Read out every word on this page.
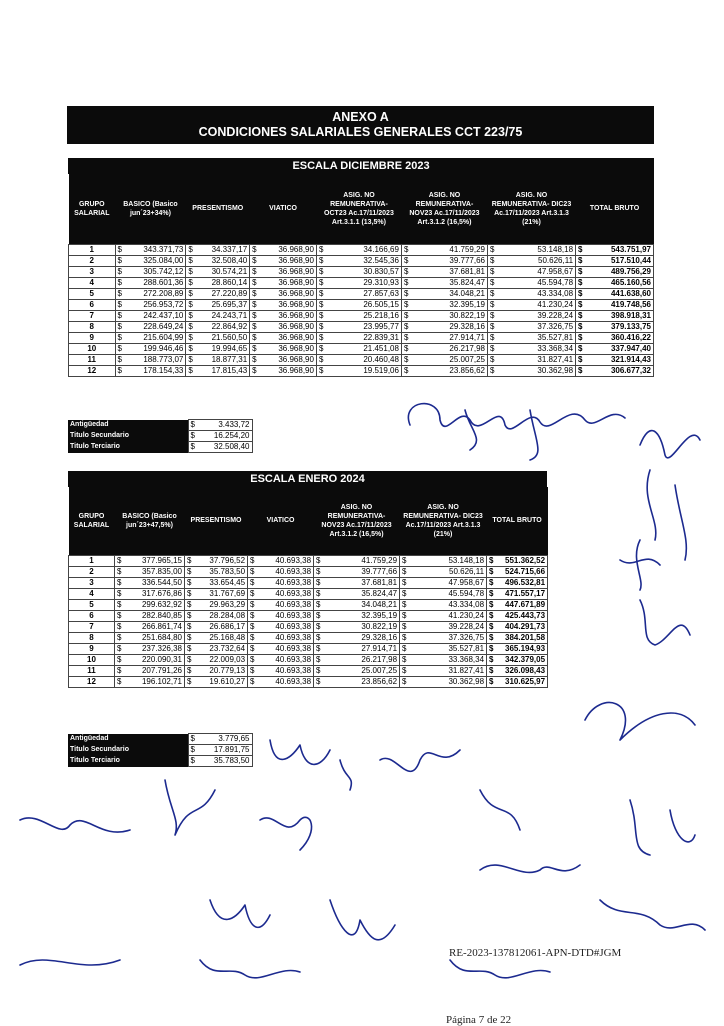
ANEXO A
CONDICIONES SALARIALES GENERALES CCT 223/75
ESCALA DICIEMBRE 2023
GRUPO SALARIAL	BASICO (Basico jun´23+34%)		PRESENTISMO		VIATICO		ASIG. NO REMUNERATIVA- OCT23 Ac.17/11/2023 Art.3.1.1 (13,5%)		ASIG. NO REMUNERATIVA- NOV23 Ac.17/11/2023 Art.3.1.2 (16,5%)		ASIG. NO REMUNERATIVA- DIC23 Ac.17/11/2023 Art.3.1.3 (21%)		TOTAL BRUTO	
1	$	343.371,73	$	34.337,17	$	36.968,90	$	34.166,69	$	41.759,29	$	53.148,18	$	543.751,97
2	$	325.084,00	$	32.508,40	$	36.968,90	$	32.545,36	$	39.777,66	$	50.626,11	$	517.510,44
3	$	305.742,12	$	30.574,21	$	36.968,90	$	30.830,57	$	37.681,81	$	47.958,67	$	489.756,29
4	$	288.601,36	$	28.860,14	$	36.968,90	$	29.310,93	$	35.824,47	$	45.594,78	$	465.160,56
5	$	272.208,89	$	27.220,89	$	36.968,90	$	27.857,63	$	34.048,21	$	43.334,08	$	441.638,60
6	$	256.953,72	$	25.695,37	$	36.968,90	$	26.505,15	$	32.395,19	$	41.230,24	$	419.748,56
7	$	242.437,10	$	24.243,71	$	36.968,90	$	25.218,16	$	30.822,19	$	39.228,24	$	398.918,31
8	$	228.649,24	$	22.864,92	$	36.968,90	$	23.995,77	$	29.328,16	$	37.326,75	$	379.133,75
9	$	215.604,99	$	21.560,50	$	36.968,90	$	22.839,31	$	27.914,71	$	35.527,81	$	360.416,22
10	$	199.946,46	$	19.994,65	$	36.968,90	$	21.451,08	$	26.217,98	$	33.368,34	$	337.947,40
11	$	188.773,07	$	18.877,31	$	36.968,90	$	20.460,48	$	25.007,25	$	31.827,41	$	321.914,43
12	$	178.154,33	$	17.815,43	$	36.968,90	$	19.519,06	$	23.856,62	$	30.362,98	$	306.677,32
Antigüedad	$	3.433,72
Titulo Secundario	$	16.254,20
Titulo Terciario	$	32.508,40
ESCALA ENERO 2024
GRUPO SALARIAL	BASICO (Basico jun´23+47,5%)		PRESENTISMO		VIATICO		ASIG. NO REMUNERATIVA- NOV23 Ac.17/11/2023 Art.3.1.2 (16,5%)		ASIG. NO REMUNERATIVA- DIC23 Ac.17/11/2023 Art.3.1.3 (21%)		TOTAL BRUTO	
1	$	377.965,15	$	37.796,52	$	40.693,38	$	41.759,29	$	53.148,18	$	551.362,52
2	$	357.835,00	$	35.783,50	$	40.693,38	$	39.777,66	$	50.626,11	$	524.715,66
3	$	336.544,50	$	33.654,45	$	40.693,38	$	37.681,81	$	47.958,67	$	496.532,81
4	$	317.676,86	$	31.767,69	$	40.693,38	$	35.824,47	$	45.594,78	$	471.557,17
5	$	299.632,92	$	29.963,29	$	40.693,38	$	34.048,21	$	43.334,08	$	447.671,89
6	$	282.840,85	$	28.284,08	$	40.693,38	$	32.395,19	$	41.230,24	$	425.443,73
7	$	266.861,74	$	26.686,17	$	40.693,38	$	30.822,19	$	39.228,24	$	404.291,73
8	$	251.684,80	$	25.168,48	$	40.693,38	$	29.328,16	$	37.326,75	$	384.201,58
9	$	237.326,38	$	23.732,64	$	40.693,38	$	27.914,71	$	35.527,81	$	365.194,93
10	$	220.090,31	$	22.009,03	$	40.693,38	$	26.217,98	$	33.368,34	$	342.379,05
11	$	207.791,26	$	20.779,13	$	40.693,38	$	25.007,25	$	31.827,41	$	326.098,43
12	$	196.102,71	$	19.610,27	$	40.693,38	$	23.856,62	$	30.362,98	$	310.625,97
Antigüedad	$	3.779,65
Titulo Secundario	$	17.891,75
Titulo Terciario	$	35.783,50
RE-2023-137812061-APN-DTD#JGM
Página 7 de 22
